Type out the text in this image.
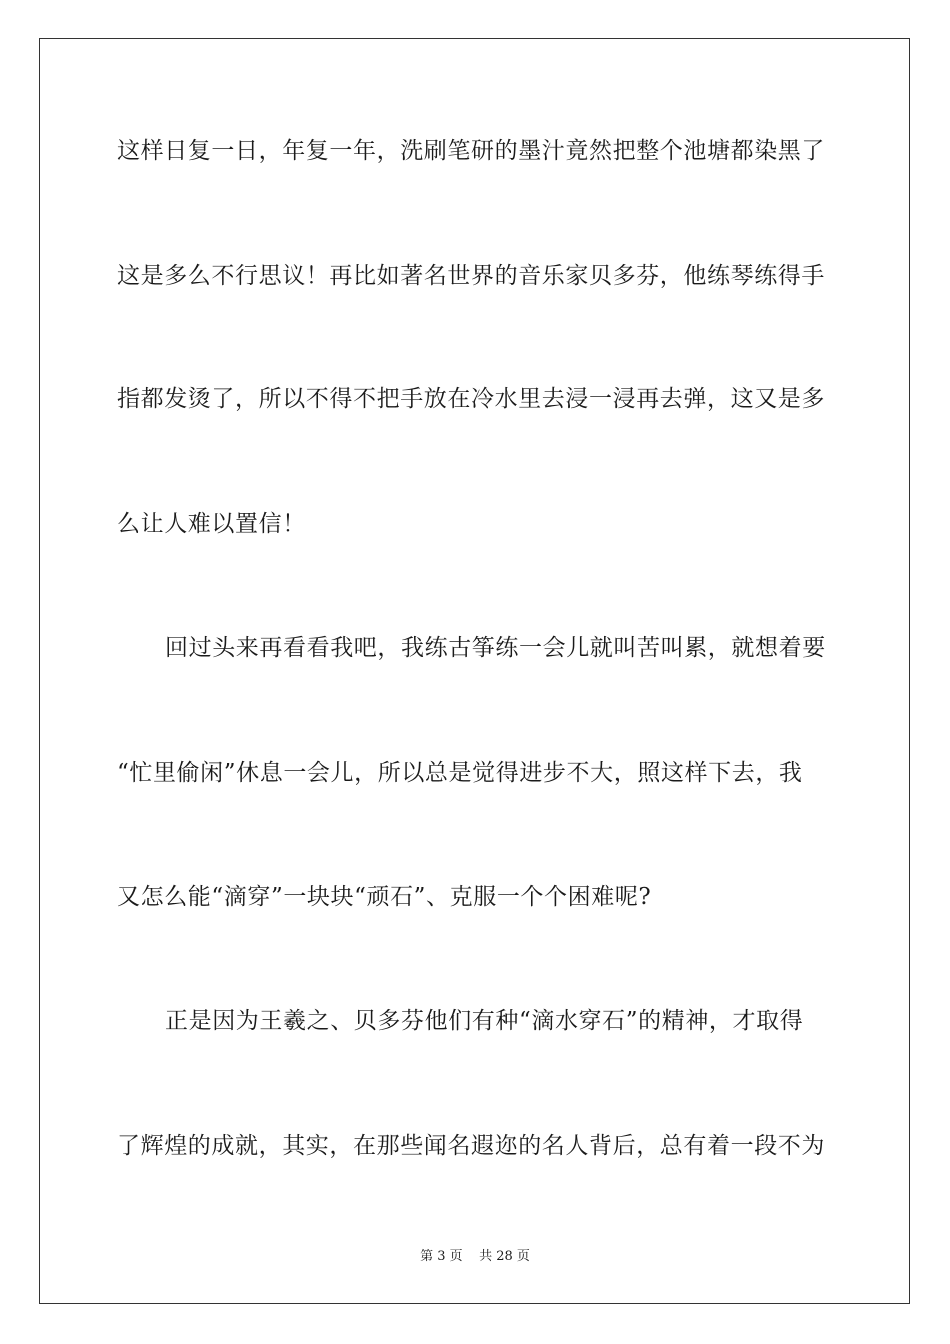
这样日复一日，年复一年，洗刷笔研的墨汁竟然把整个池塘都染黑了
这是多么不行思议！再比如著名世界的音乐家贝多芬，他练琴练得手
指都发烫了，所以不得不把手放在冷水里去浸一浸再去弹，这又是多
么让人难以置信！
回过头来再看看我吧，我练古筝练一会儿就叫苦叫累，就想着要
“忙里偷闲”休息一会儿，所以总是觉得进步不大，照这样下去，我
又怎么能“滴穿”一块块“顽石”、克服一个个困难呢?
正是因为王羲之、贝多芬他们有种“滴水穿石”的精神，才取得
了辉煌的成就，其实，在那些闻名遐迩的名人背后，总有着一段不为
第 3 页    共 28 页
